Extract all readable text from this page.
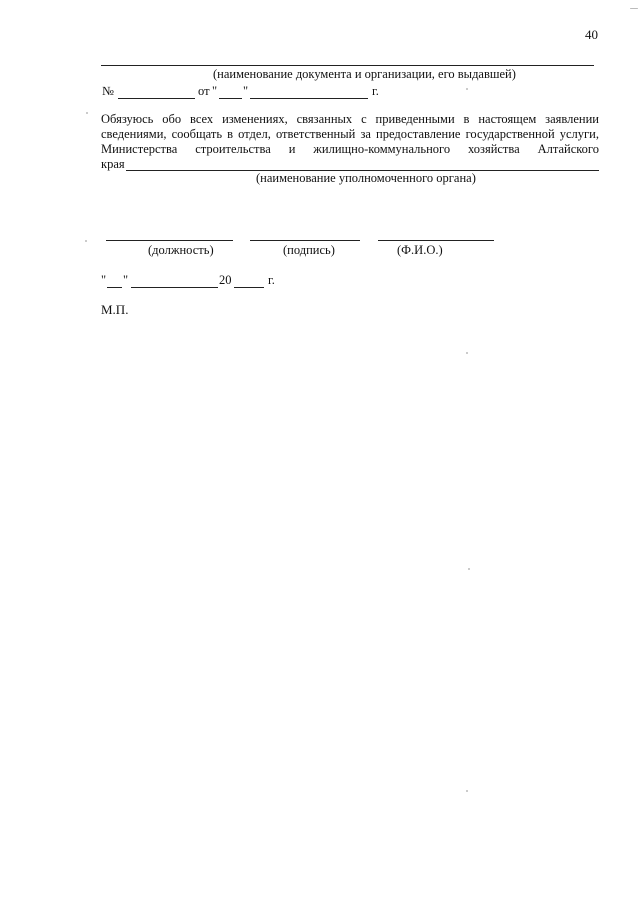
40
(наименование документа и организации, его выдавшей)
№	от " "	г.
Обязуюсь обо всех изменениях, связанных с приведенными в настоящем заявлении
сведениями, сообщать в отдел, ответственный за предоставление государственной услуги,
Министерства строительства и жилищно-коммунального хозяйства Алтайского
края
(наименование уполномоченного органа)
(должность)	(подпись)	(Ф.И.О.)
" "	20	г.
М.П.
